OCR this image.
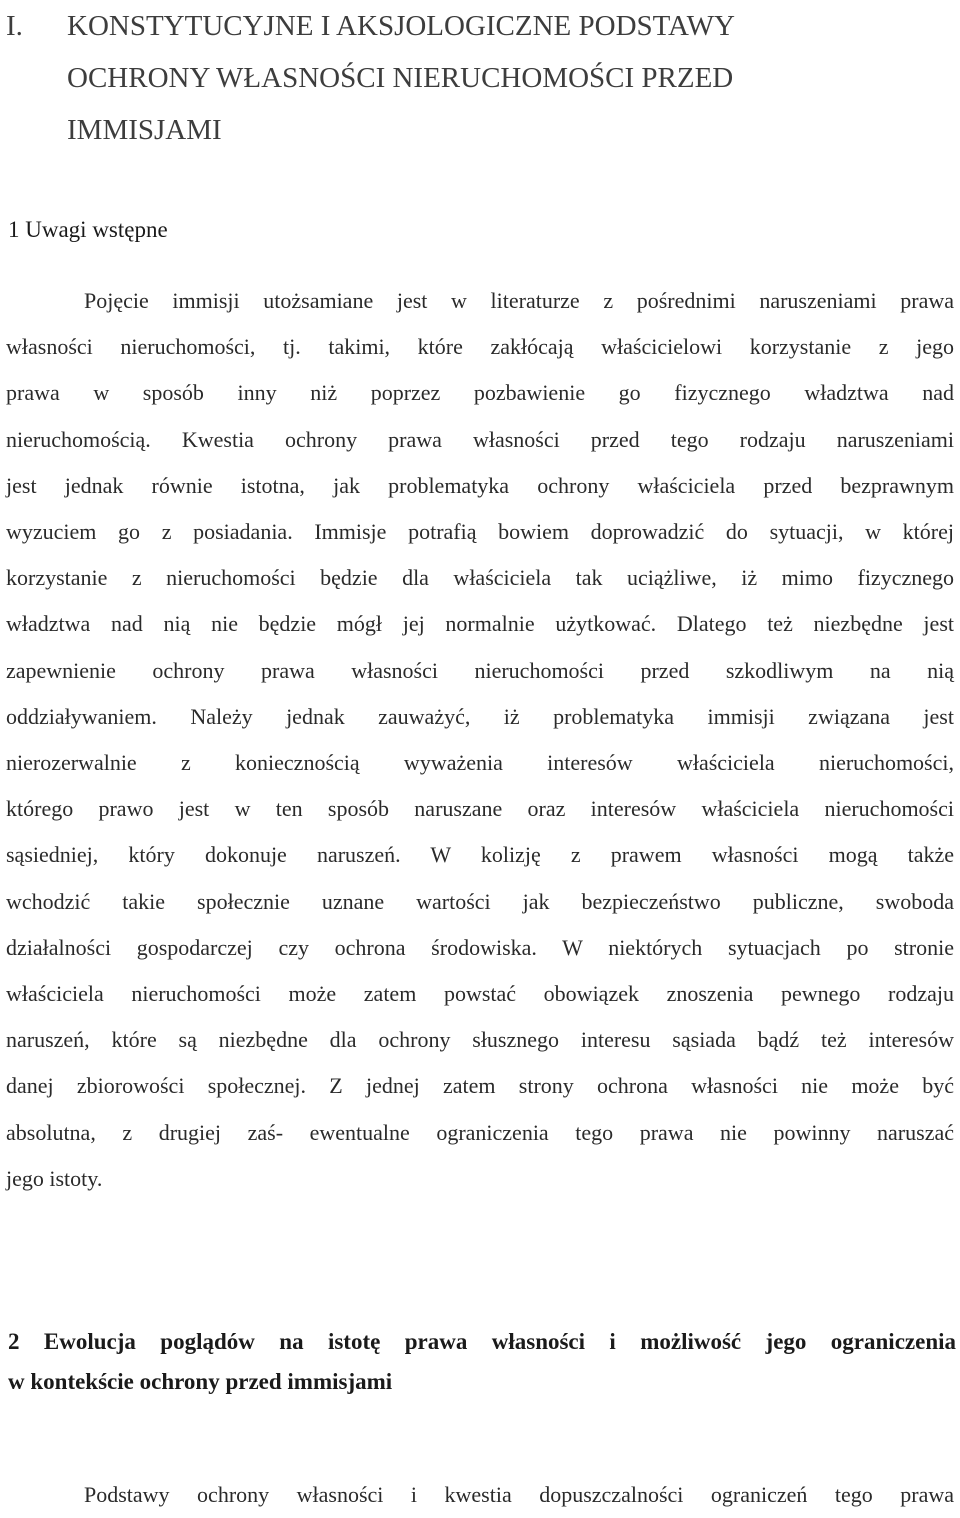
I.	KONSTYTUCYJNE I AKSJOLOGICZNE PODSTAWY
OCHRONY WŁASNOŚCI NIERUCHOMOŚCI PRZED
IMMISJAMI
1 Uwagi wstępne
Pojęcie immisji utożsamiane jest w literaturze z pośrednimi naruszeniami prawa
własności nieruchomości, tj. takimi, które zakłócają właścicielowi korzystanie z jego
prawa w sposób inny niż poprzez pozbawienie go fizycznego władztwa nad
nieruchomością. Kwestia ochrony prawa własności przed tego rodzaju naruszeniami
jest jednak równie istotna, jak problematyka ochrony właściciela przed bezprawnym
wyzuciem go z posiadania. Immisje potrafią bowiem doprowadzić do sytuacji, w której
korzystanie z nieruchomości będzie dla właściciela tak uciążliwe, iż mimo fizycznego
władztwa nad nią nie będzie mógł jej normalnie użytkować. Dlatego też niezbędne jest
zapewnienie ochrony prawa własności nieruchomości przed szkodliwym na nią
oddziaływaniem. Należy jednak zauważyć, iż problematyka immisji związana jest
nierozerwalnie z koniecznością wyważenia interesów właściciela nieruchomości,
którego prawo jest w ten sposób naruszane oraz interesów właściciela nieruchomości
sąsiedniej, który dokonuje naruszeń. W kolizję z prawem własności mogą także
wchodzić takie społecznie uznane wartości jak bezpieczeństwo publiczne, swoboda
działalności gospodarczej czy ochrona środowiska. W niektórych sytuacjach po stronie
właściciela nieruchomości może zatem powstać obowiązek znoszenia pewnego rodzaju
naruszeń, które są niezbędne dla ochrony słusznego interesu sąsiada bądź też interesów
danej zbiorowości społecznej. Z jednej zatem strony ochrona własności nie może być
absolutna, z drugiej zaś- ewentualne ograniczenia tego prawa nie powinny naruszać
jego istoty.
2 Ewolucja poglądów na istotę prawa własności i możliwość jego ograniczenia
w kontekście ochrony przed immisjami
Podstawy ochrony własności i kwestia dopuszczalności ograniczeń tego prawa
